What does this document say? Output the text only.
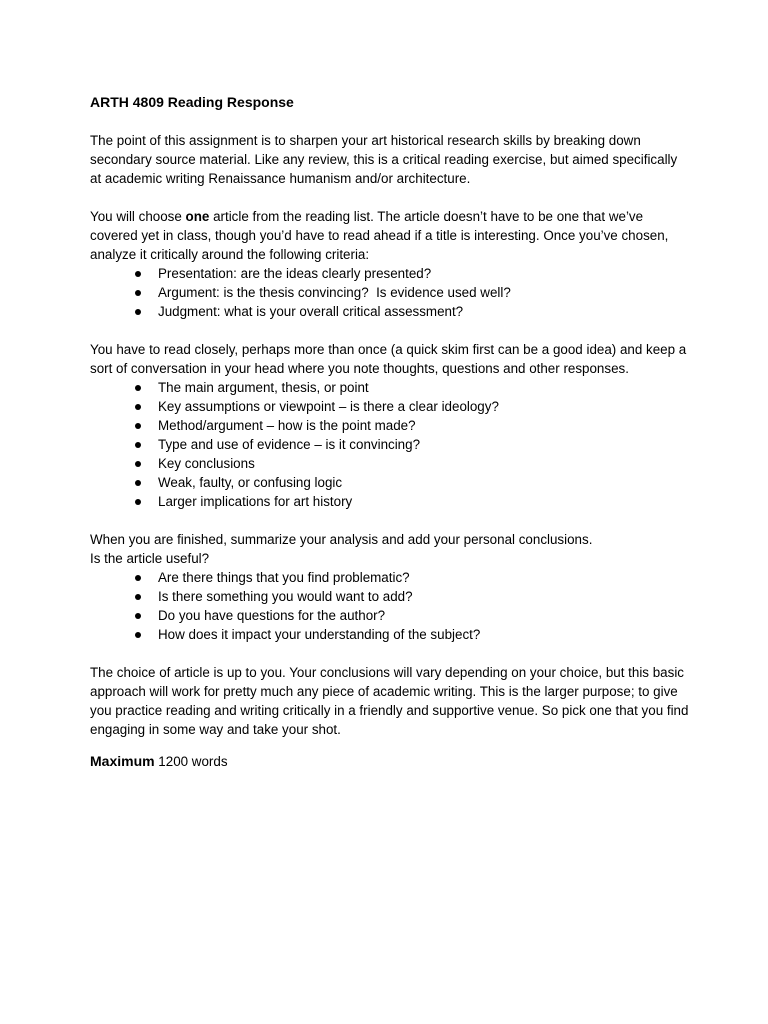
ARTH 4809 Reading Response

The point of this assignment is to sharpen your art historical research skills by breaking down secondary source material. Like any review, this is a critical reading exercise, but aimed specifically at academic writing Renaissance humanism and/or architecture.

You will choose one article from the reading list. The article doesn’t have to be one that we’ve covered yet in class, though you’d have to read ahead if a title is interesting. Once you’ve chosen, analyze it critically around the following criteria:

Presentation: are the ideas clearly presented?
Argument: is the thesis convincing?  Is evidence used well?
Judgment: what is your overall critical assessment?

You have to read closely, perhaps more than once (a quick skim first can be a good idea) and keep a sort of conversation in your head where you note thoughts, questions and other responses.

The main argument, thesis, or point
Key assumptions or viewpoint – is there a clear ideology?
Method/argument – how is the point made?
Type and use of evidence – is it convincing?
Key conclusions
Weak, faulty, or confusing logic
Larger implications for art history

When you are finished, summarize your analysis and add your personal conclusions.

Is the article useful?

Are there things that you find problematic?
Is there something you would want to add?
Do you have questions for the author?
How does it impact your understanding of the subject?

The choice of article is up to you. Your conclusions will vary depending on your choice, but this basic approach will work for pretty much any piece of academic writing. This is the larger purpose; to give you practice reading and writing critically in a friendly and supportive venue. So pick one that you find engaging in some way and take your shot.

Maximum 1200 words
